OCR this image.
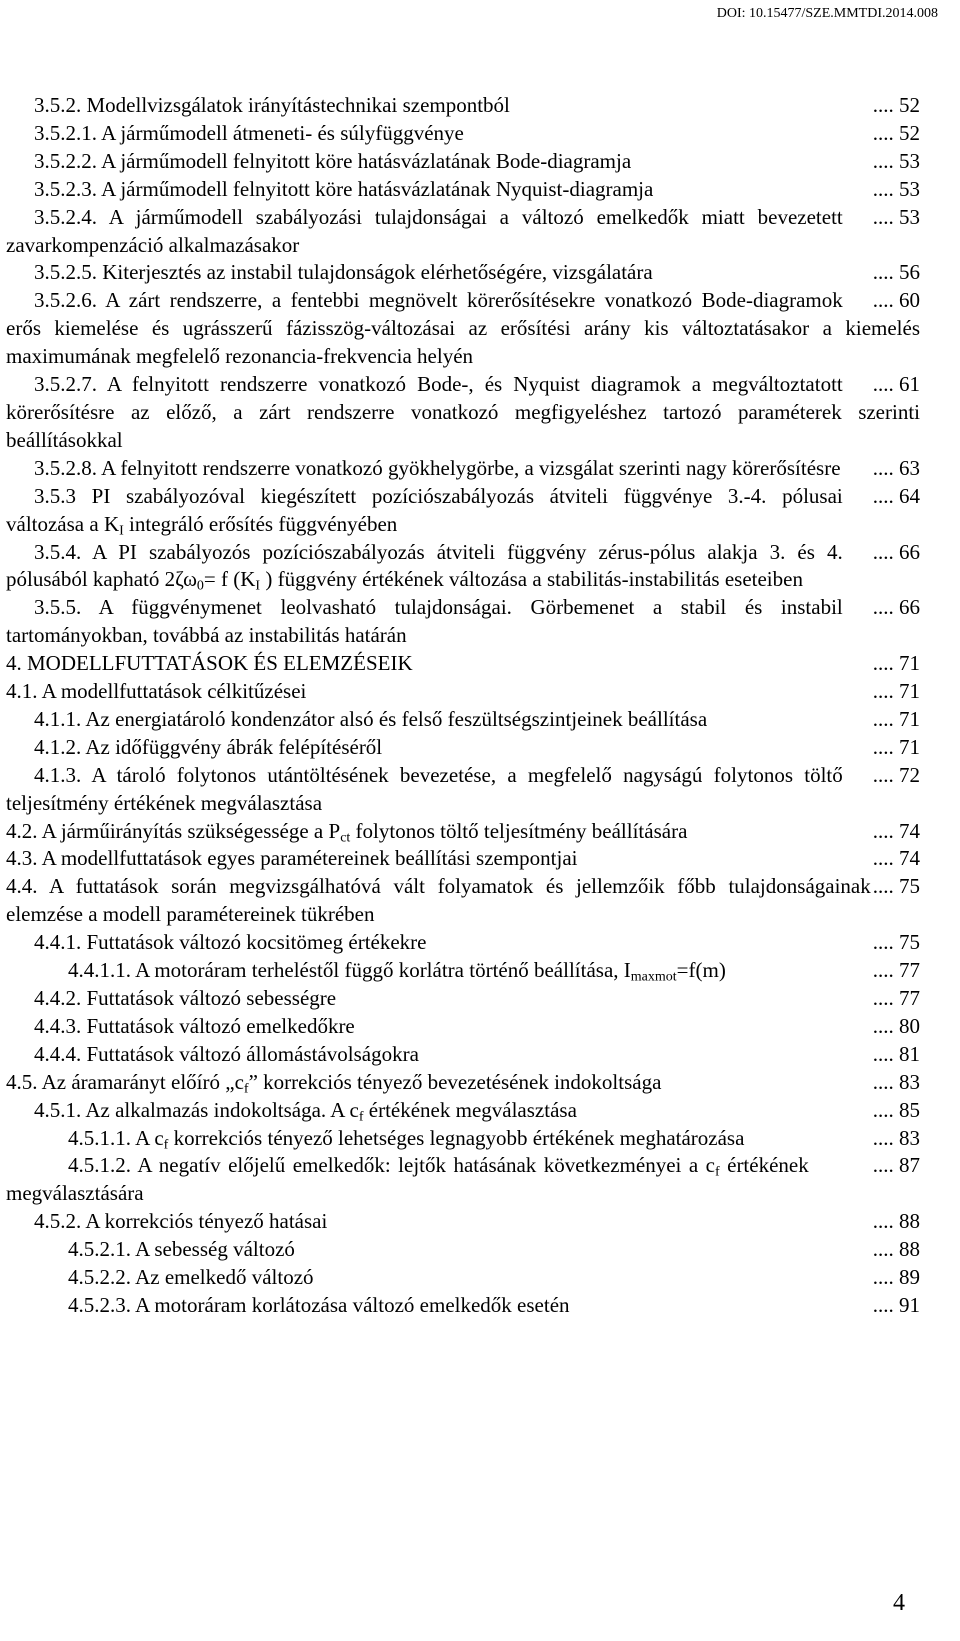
DOI: 10.15477/SZE.MMTDI.2014.008
.... 52
3.5.2. Modellvizsgálatok irányítástechnikai szempontból
.... 52
3.5.2.1. A járműmodell átmeneti- és súlyfüggvénye
.... 53
3.5.2.2. A járműmodell felnyitott köre hatásvázlatának Bode-diagramja
.... 53
3.5.2.3. A járműmodell felnyitott köre hatásvázlatának Nyquist-diagramja
.... 53
3.5.2.4. A járműmodell szabályozási tulajdonságai a változó emelkedők miatt bevezetett zavarkompenzáció alkalmazásakor
.... 56
3.5.2.5. Kiterjesztés az instabil tulajdonságok elérhetőségére, vizsgálatára
.... 60
3.5.2.6. A zárt rendszerre, a fentebbi megnövelt körerősítésekre vonatkozó Bode-diagramok erős kiemelése és ugrásszerű fázisszög-változásai az erősítési arány kis változtatásakor a kiemelés maximumának megfelelő rezonancia-frekvencia helyén
.... 61
3.5.2.7. A felnyitott rendszerre vonatkozó Bode-, és Nyquist diagramok a megváltoztatott körerősítésre az előző, a zárt rendszerre vonatkozó megfigyeléshez tartozó paraméterek szerinti beállításokkal
.... 63
3.5.2.8. A felnyitott rendszerre vonatkozó gyökhelygörbe, a vizsgálat szerinti nagy körerősítésre
.... 64
3.5.3 PI szabályozóval kiegészített pozíciószabályozás átviteli függvénye 3.-4. pólusai változása a $K_I$ integráló erősítés függvényében
.... 66
3.5.4. A PI szabályozós pozíciószabályozás átviteli függvény zérus-pólus alakja 3. és 4. pólusából kapható $2\zeta\omega_0= f$ ($K_I$ ) függvény értékének változása a stabilitás-instabilitás eseteiben
.... 66
3.5.5. A függvénymenet leolvasható tulajdonságai. Görbemenet a stabil és instabil tartományokban, továbbá az instabilitás határán
.... 71
4. MODELLFUTTATÁSOK ÉS ELEMZÉSEIK
.... 71
4.1. A modellfuttatások célkitűzései
.... 71
4.1.1. Az energiatároló kondenzátor alsó és felső feszültségszintjeinek beállítása
.... 71
4.1.2. Az időfüggvény ábrák felépítéséről
.... 72
4.1.3. A tároló folytonos utántöltésének bevezetése, a megfelelő nagyságú folytonos töltő teljesítmény értékének megválasztása
.... 74
4.2. A járműirányítás szükségessége a $P_{ct}$ folytonos töltő teljesítmény beállítására
.... 74
4.3. A modellfuttatások egyes paramétereinek beállítási szempontjai
.... 75
4.4. A futtatások során megvizsgálhatóvá vált folyamatok és jellemzőik főbb tulajdonságainak elemzése a modell paramétereinek tükrében
.... 75
4.4.1. Futtatások változó kocsitömeg értékekre
.... 77
4.4.1.1. A motoráram terheléstől függő korlátra történő beállítása, $I_{maxmot}=f(m)$
.... 77
4.4.2. Futtatások változó sebességre
.... 80
4.4.3. Futtatások változó emelkedőkre
.... 81
4.4.4. Futtatások változó állomástávolságokra
.... 83
4.5. Az áramarányt előíró $„c_f$” korrekciós tényező bevezetésének indokoltsága
.... 85
4.5.1. Az alkalmazás indokoltsága. A $c_f$ értékének megválasztása
.... 83
4.5.1.1. A $c_f$ korrekciós tényező lehetséges legnagyobb értékének meghatározása
.... 87
4.5.1.2. A negatív előjelű emelkedők: lejtők hatásának következményei a $c_f$ értékének megválasztására
.... 88
4.5.2. A korrekciós tényező hatásai
.... 88
4.5.2.1. A sebesség változó
.... 89
4.5.2.2. Az emelkedő változó
.... 91
4.5.2.3. A motoráram korlátozása változó emelkedők esetén
4
